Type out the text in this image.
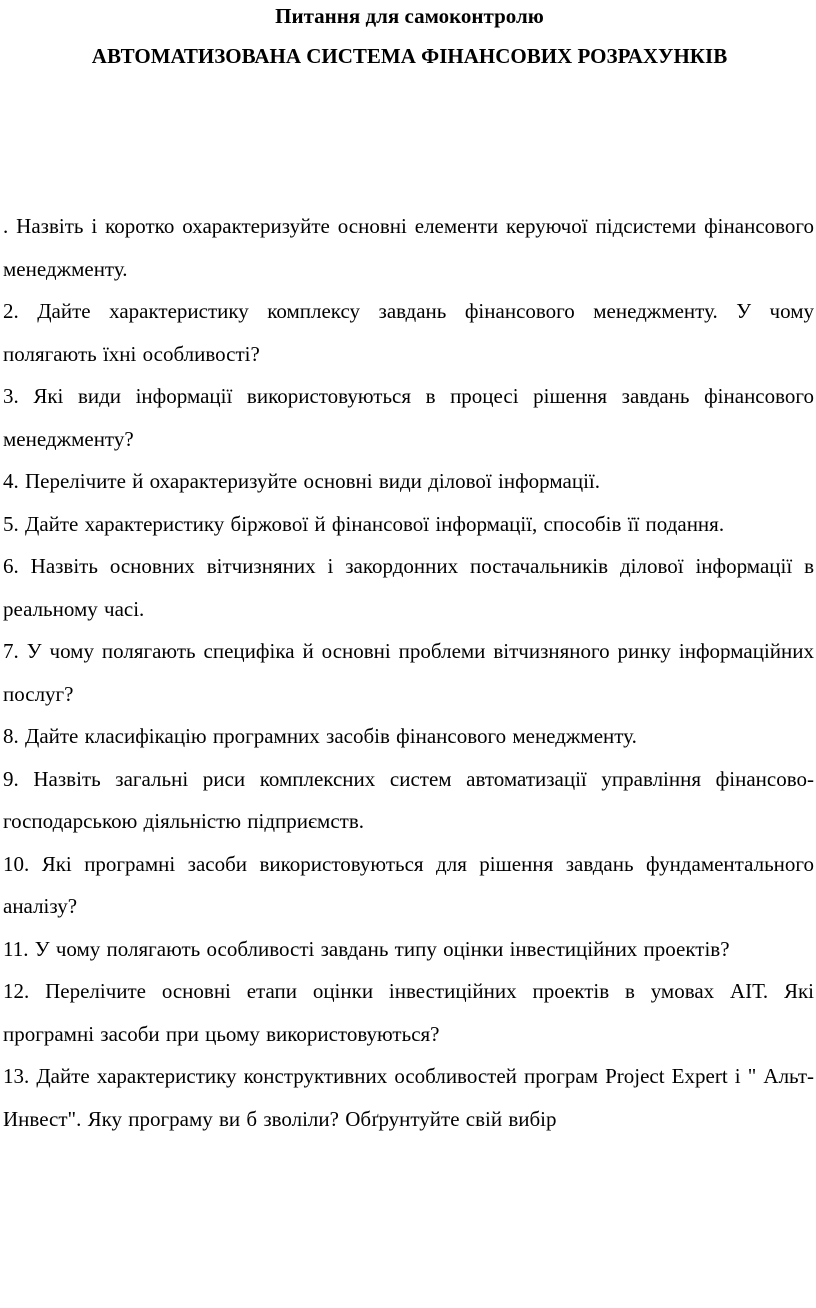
Питання для самоконтролю
АВТОМАТИЗОВАНА СИСТЕМА ФІНАНСОВИХ РОЗРАХУНКІВ
. Назвіть і коротко охарактеризуйте основні елементи керуючої підсистеми фінансового менеджменту.
2. Дайте характеристику комплексу завдань фінансового менеджменту. У чому полягають їхні особливості?
3. Які види інформації використовуються в процесі рішення завдань фінансового менеджменту?
4. Перелічите й охарактеризуйте основні види ділової інформації.
5. Дайте характеристику біржової й фінансової інформації, способів її подання.
6. Назвіть основних вітчизняних і закордонних постачальників ділової інформації в реальному часі.
7. У чому полягають специфіка й основні проблеми вітчизняного ринку інформаційних послуг?
8. Дайте класифікацію програмних засобів фінансового менеджменту.
9. Назвіть загальні риси комплексних систем автоматизації управління фінансово-господарською діяльністю підприємств.
10. Які програмні засоби використовуються для рішення завдань фундаментального аналізу?
11. У чому полягають особливості завдань типу оцінки інвестиційних проектів?
12. Перелічите основні етапи оцінки інвестиційних проектів в умовах АІТ. Які програмні засоби при цьому використовуються?
13. Дайте характеристику конструктивних особливостей програм Project Expert і " Альт-Инвест". Яку програму ви б зволіли? Обґрунтуйте свій вибір
